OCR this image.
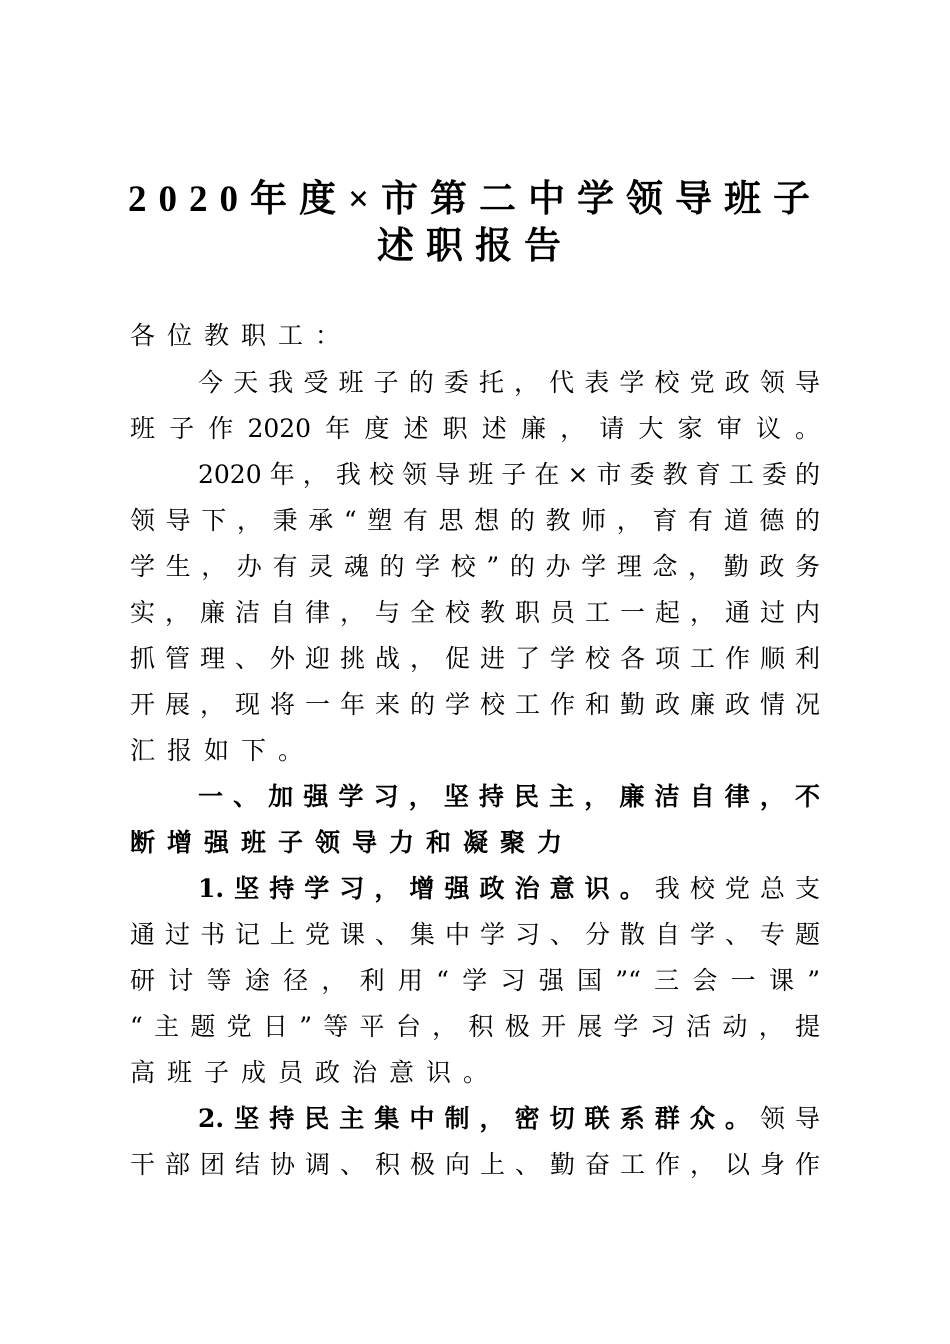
2020年度×市第二中学领导班子
述职报告
各位教职工：
今天我受班子的委托，代表学校党政领导
班子作2020年度述职述廉，请大家审议。
2020年，我校领导班子在×市委教育工委的
领导下，秉承“塑有思想的教师，育有道德的
学生，办有灵魂的学校”的办学理念，勤政务
实，廉洁自律，与全校教职员工一起，通过内
抓管理、外迎挑战，促进了学校各项工作顺利
开展，现将一年来的学校工作和勤政廉政情况
汇报如下。
一、加强学习，坚持民主，廉洁自律，不
断增强班子领导力和凝聚力
1.坚持学习，增强政治意识。我校党总支
通过书记上党课、集中学习、分散自学、专题
研讨等途径，利用“学习强国”“三会一课”
“主题党日”等平台，积极开展学习活动，提
高班子成员政治意识。
2.坚持民主集中制，密切联系群众。领导
干部团结协调、积极向上、勤奋工作，以身作
